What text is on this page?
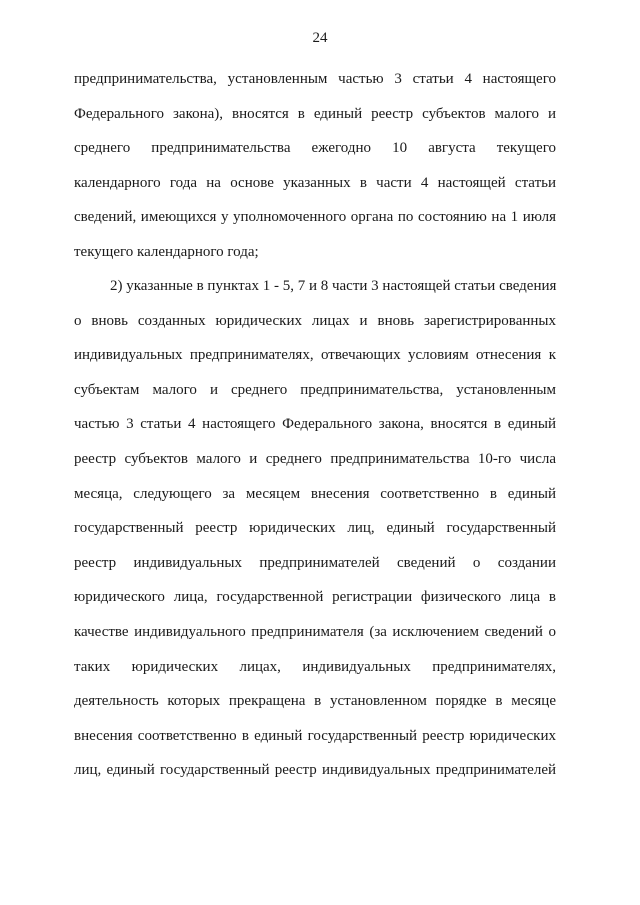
24
предпринимательства, установленным частью 3 статьи 4 настоящего
Федерального закона), вносятся в единый реестр субъектов малого и
среднего предпринимательства ежегодно 10 августа текущего
календарного года на основе указанных в части 4 настоящей статьи
сведений, имеющихся у уполномоченного органа по состоянию на 1 июля
текущего календарного года;
2) указанные в пунктах 1 - 5, 7 и 8 части 3 настоящей статьи сведения
о вновь созданных юридических лицах и вновь зарегистрированных
индивидуальных предпринимателях, отвечающих условиям отнесения к
субъектам малого и среднего предпринимательства, установленным
частью 3 статьи 4 настоящего Федерального закона, вносятся в единый
реестр субъектов малого и среднего предпринимательства 10-го числа
месяца, следующего за месяцем внесения соответственно в единый
государственный реестр юридических лиц, единый государственный
реестр индивидуальных предпринимателей сведений о создании
юридического лица, государственной регистрации физического лица в
качестве индивидуального предпринимателя (за исключением сведений о
таких юридических лицах, индивидуальных предпринимателях,
деятельность которых прекращена в установленном порядке в месяце
внесения соответственно в единый государственный реестр юридических
лиц, единый государственный реестр индивидуальных предпринимателей
